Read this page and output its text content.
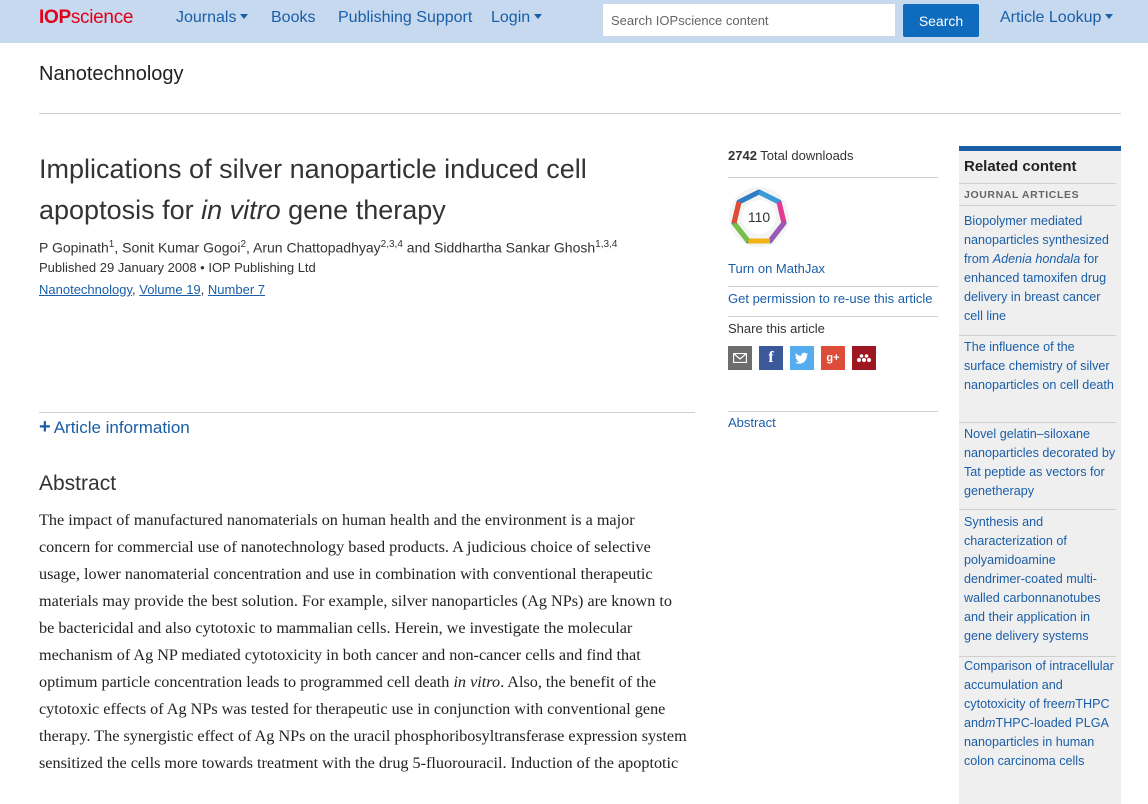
IOPscience	Journals	Books Publishing Support Login
Search IOPscience content	Search	Article Lookup
Nanotechnology
Implications of silver nanoparticle induced cell apoptosis for in vitro gene therapy
P Gopinath$^1$, Sonit Kumar Gogoi$^2$, Arun Chattopadhyay$^{2,3,4}$ and Siddhartha Sankar Ghosh$^{1,3,4}$
Published 29 January 2008 • IOP Publishing Ltd
Nanotechnology, Volume 19, Number 7
+ Article information
Abstract
The impact of manufactured nanomaterials on human health and the environment is a major concern for commercial use of nanotechnology based products. A judicious choice of selective usage, lower nanomaterial concentration and use in combination with conventional therapeutic materials may provide the best solution. For example, silver nanoparticles (Ag NPs) are known to be bactericidal and also cytotoxic to mammalian cells. Herein, we investigate the molecular mechanism of Ag NP mediated cytotoxicity in both cancer and non-cancer cells and find that optimum particle concentration leads to programmed cell death in vitro. Also, the benefit of the cytotoxic effects of Ag NPs was tested for therapeutic use in conjunction with conventional gene therapy. The synergistic effect of Ag NPs on the uracil phosphoribosyltransferase expression system sensitized the cells more towards treatment with the drug 5-fluorouracil. Induction of the apoptotic
2742 Total downloads
110
Turn on MathJax
Get permission to re-use this article
Share this article
f	g+
Abstract
Related content
JOURNAL ARTICLES
Biopolymer mediated nanoparticles synthesized from Adenia hondala for enhanced tamoxifen drug delivery in breast cancer cell line
The influence of the surface chemistry of silver nanoparticles on cell death
Novel gelatin–siloxane nanoparticles decorated by Tat peptide as vectors for genetherapy
Synthesis and characterization of polyamidoamine dendrimer-coated multi-walled carbonnanotubes and their application in gene delivery systems
Comparison of intracellular accumulation and cytotoxicity of freemTHPC andmTHPC-loaded PLGA nanoparticles in human colon carcinoma cells
